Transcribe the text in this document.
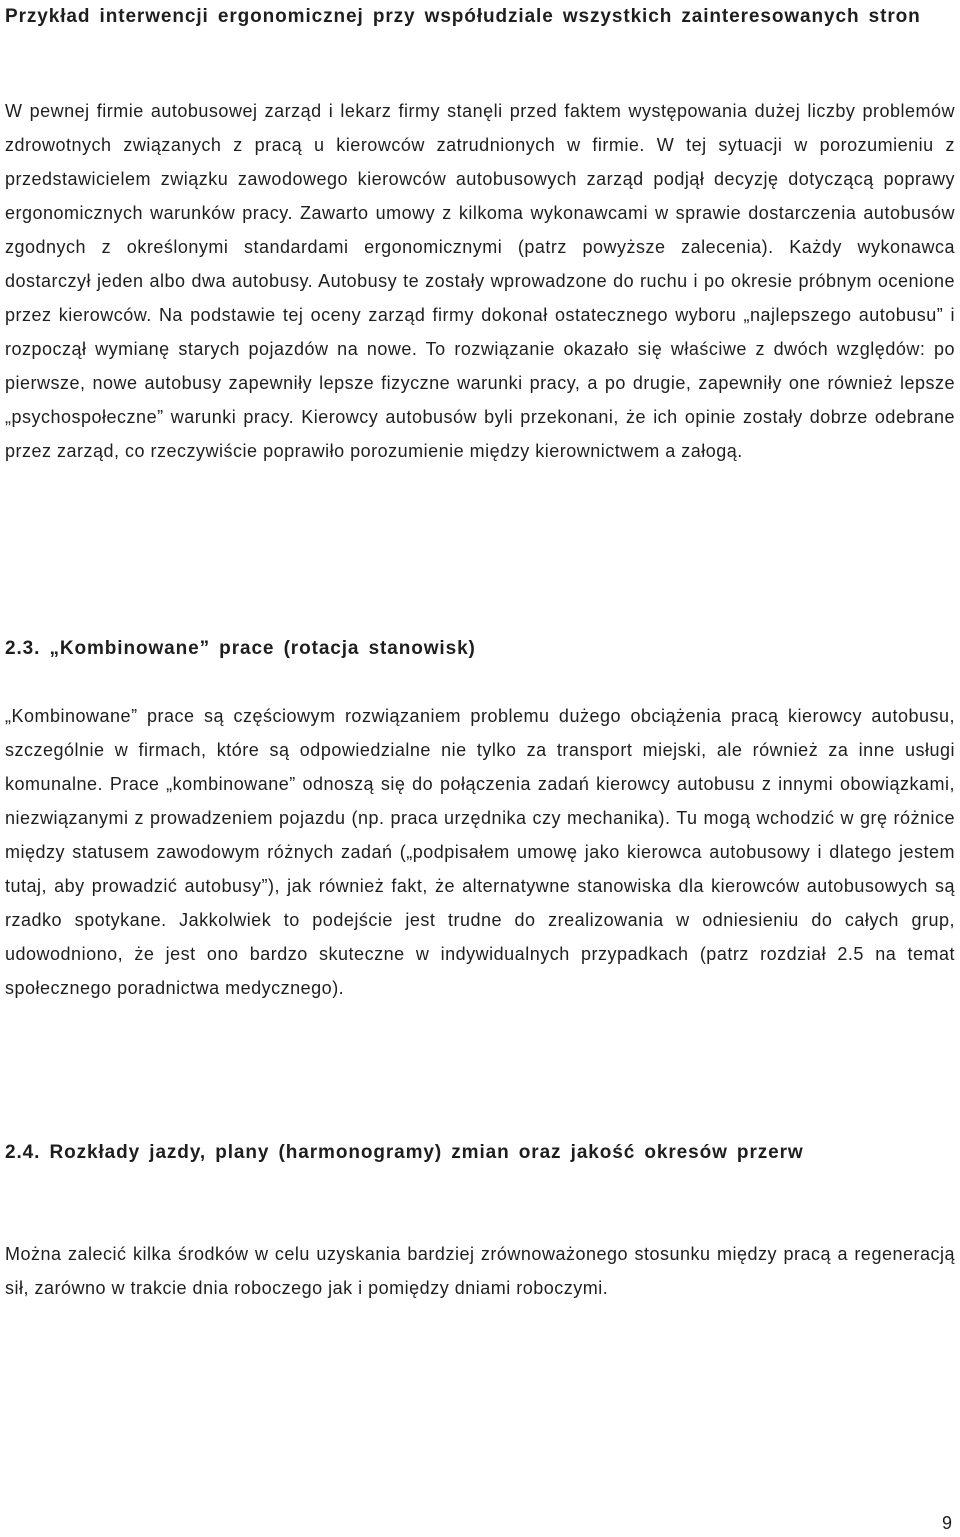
Przykład interwencji ergonomicznej przy współudziale wszystkich zainteresowanych stron

W pewnej firmie autobusowej zarząd i lekarz firmy stanęli przed faktem występowania dużej liczby problemów zdrowotnych związanych z pracą u kierowców zatrudnionych w firmie. W tej sytuacji w porozumieniu z przedstawicielem związku zawodowego kierowców autobusowych zarząd podjął decyzję dotyczącą poprawy ergonomicznych warunków pracy. Zawarto umowy z kilkoma wykonawcami w sprawie dostarczenia autobusów zgodnych z określonymi standardami ergonomicznymi (patrz powyższe zalecenia). Każdy wykonawca dostarczył jeden albo dwa autobusy. Autobusy te zostały wprowadzone do ruchu i po okresie próbnym ocenione przez kierowców. Na podstawie tej oceny zarząd firmy dokonał ostatecznego wyboru „najlepszego autobusu” i rozpoczął wymianę starych pojazdów na nowe. To rozwiązanie okazało się właściwe z dwóch względów: po pierwsze, nowe autobusy zapewniły lepsze fizyczne warunki pracy, a po drugie, zapewniły one również lepsze „psychospołeczne” warunki pracy. Kierowcy autobusów byli przekonani, że ich opinie zostały dobrze odebrane przez zarząd, co rzeczywiście poprawiło porozumienie między kierownictwem a załogą.

2.3. „Kombinowane” prace (rotacja stanowisk)

„Kombinowane” prace są częściowym rozwiązaniem problemu dużego obciążenia pracą kierowcy autobusu, szczególnie w firmach, które są odpowiedzialne nie tylko za transport miejski, ale również za inne usługi komunalne. Prace „kombinowane” odnoszą się do połączenia zadań kierowcy autobusu z innymi obowiązkami, niezwiązanymi z prowadzeniem pojazdu (np. praca urzędnika czy mechanika). Tu mogą wchodzić w grę różnice między statusem zawodowym różnych zadań („podpisałem umowę jako kierowca autobusowy i dlatego jestem tutaj, aby prowadzić autobusy”), jak również fakt, że alternatywne stanowiska dla kierowców autobusowych są rzadko spotykane. Jakkolwiek to podejście jest trudne do zrealizowania w odniesieniu do całych grup, udowodniono, że jest ono bardzo skuteczne w indywidualnych przypadkach (patrz rozdział 2.5 na temat społecznego poradnictwa medycznego).

2.4. Rozkłady jazdy, plany (harmonogramy) zmian oraz jakość okresów przerw

Można zalecić kilka środków w celu uzyskania bardziej zrównoważonego stosunku między pracą a regeneracją sił, zarówno w trakcie dnia roboczego jak i pomiędzy dniami roboczymi.

9
